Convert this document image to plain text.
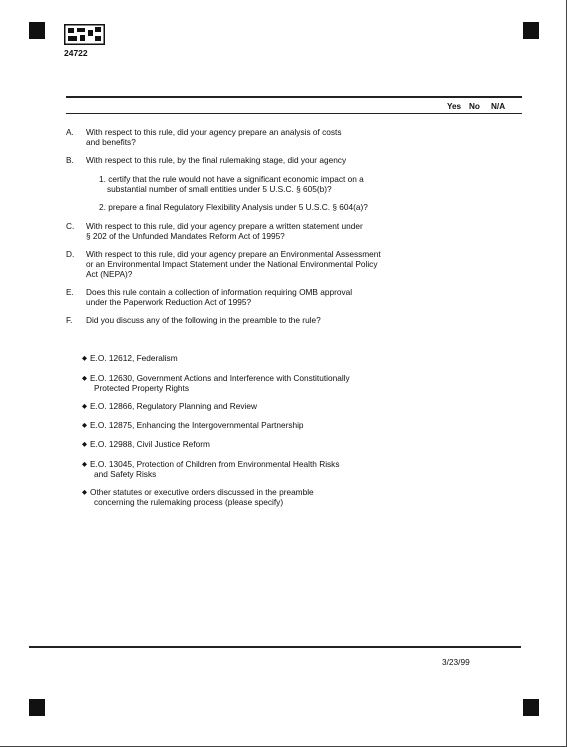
24722
Yes No N/A
A. With respect to this rule, did your agency prepare an analysis of costs
and benefits?
B. With respect to this rule, by the final rulemaking stage, did your agency
1. certify that the rule would not have a significant economic impact on a
substantial number of small entities under 5 U.S.C. § 605(b)?
2. prepare a final Regulatory Flexibility Analysis under 5 U.S.C. § 604(a)?
C. With respect to this rule, did your agency prepare a written statement under
§ 202 of the Unfunded Mandates Reform Act of 1995?
D. With respect to this rule, did your agency prepare an Environmental Assessment
or an Environmental Impact Statement under the National Environmental Policy
Act (NEPA)?
E. Does this rule contain a collection of information requiring OMB approval
under the Paperwork Reduction Act of 1995?
F. Did you discuss any of the following in the preamble to the rule?
◆ E.O. 12612, Federalism
◆ E.O. 12630, Government Actions and Interference with Constitutionally
Protected Property Rights
◆ E.O. 12866, Regulatory Planning and Review
◆ E.O. 12875, Enhancing the Intergovernmental Partnership
◆ E.O. 12988, Civil Justice Reform
◆ E.O. 13045, Protection of Children from Environmental Health Risks
and Safety Risks
◆ Other statutes or executive orders discussed in the preamble
concerning the rulemaking process (please specify)
3/23/99
